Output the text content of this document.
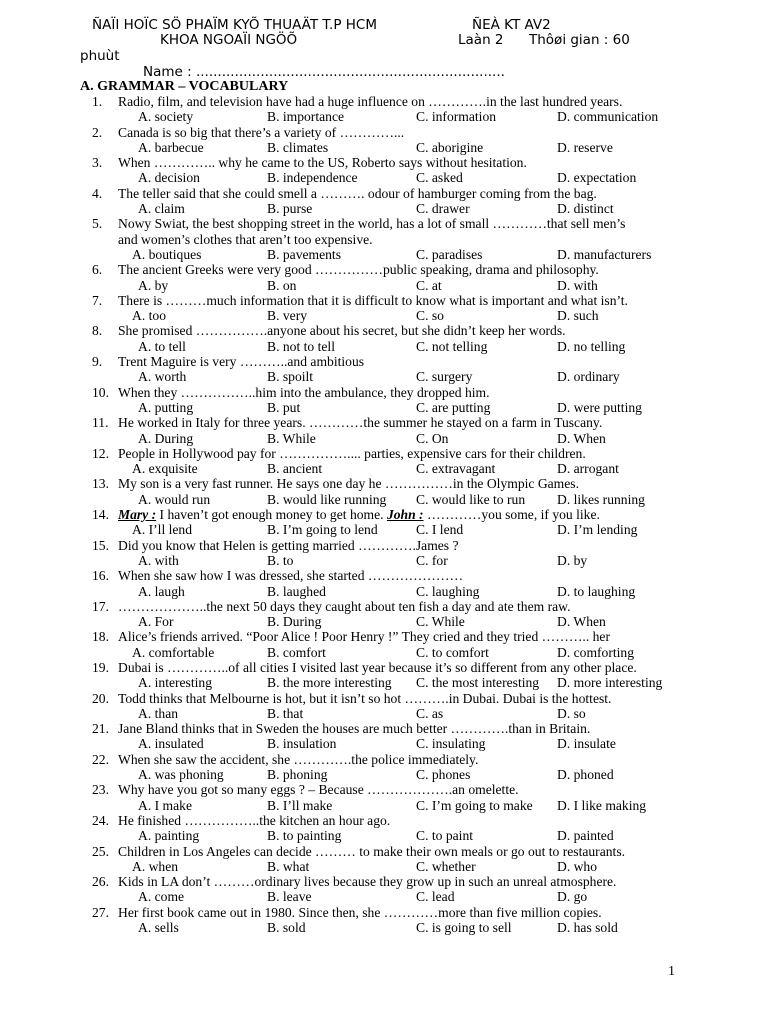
ÑAÏI HOÏC SÖ PHAÏM KYÕ THUAÄT T.P HCM	ÑEÀ KT AV2
KHOA NGOAÏI NGÖÕ	Laàn 2 Thôøi gian : 60
phuùt
Name : ........................................................................
A. GRAMMAR – VOCABULARY
1. Radio, film, and television have had a huge influence on ………….in the last hundred years.
A. society	B. importance	C. information	D. communication
2. Canada is so big that there’s a variety of …………...
A. barbecue	B. climates	C. aborigine	D. reserve
3. When ………….. why he came to the US, Roberto says without hesitation.
A. decision	B. independence	C. asked	D. expectation
4. The teller said that she could smell a ………. odour of hamburger coming from the bag.
A. claim	B. purse	C. drawer	D. distinct
5. Nowy Swiat, the best shopping street in the world, has a lot of small …………that sell men’s
and women’s clothes that aren’t too expensive.
A. boutiques	B. pavements	C. paradises	D. manufacturers
6. The ancient Greeks were very good ……………public speaking, drama and philosophy.
A. by	B. on	C. at	D. with
7. There is ………much information that it is difficult to know what is important and what isn’t.
A. too	B. very	C. so	D. such
8. She promised …………….anyone about his secret, but she didn’t keep her words.
A. to tell	B. not to tell	C. not telling	D. no telling
9. Trent Maguire is very ………..and ambitious
A. worth	B. spoilt	C. surgery	D. ordinary
10. When they ……………..him into the ambulance, they dropped him.
A. putting	B. put	C. are putting	D. were putting
11. He worked in Italy for three years. …………the summer he stayed on a farm in Tuscany.
A. During	B. While	C. On	D. When
12. People in Hollywood pay for …………….... parties, expensive cars for their children.
A. exquisite	B. ancient	C. extravagant	D. arrogant
13. My son is a very fast runner. He says one day he ……………in the Olympic Games.
A. would run	B. would like running C. would like to run D. likes running
14. Mary : I haven’t got enough money to get home. John : …………you some, if you like.
A. I’ll lend	B. I’m going to lend	C. I lend	D. I’m lending
15. Did you know that Helen is getting married ………….James ?
A. with	B. to	C. for	D. by
16. When she saw how I was dressed, she started …………………
A. laugh	B. laughed	C. laughing	D. to laughing
17. ………………..the next 50 days they caught about ten fish a day and ate them raw.
A. For	B. During	C. While	D. When
18. Alice’s friends arrived. “Poor Alice ! Poor Henry !” They cried and they tried ……….. her
A. comfortable	B. comfort	C. to comfort	D. comforting
19. Dubai is …………..of all cities I visited last year because it’s so different from any other place.
A. interesting	B. the more interesting C. the most interesting D. more interesting
20. Todd thinks that Melbourne is hot, but it isn’t so hot ……….in Dubai. Dubai is the hottest.
A. than	B. that	C. as	D. so
21. Jane Bland thinks that in Sweden the houses are much better ………….than in Britain.
A. insulated	B. insulation	C. insulating	D. insulate
22. When she saw the accident, she ………….the police immediately.
A. was phoning	B. phoning	C. phones	D. phoned
23. Why have you got so many eggs ? – Because ……………….an omelette.
A. I make	B. I’ll make	C. I’m going to make D. I like making
24. He finished ……………..the kitchen an hour ago.
A. painting	B. to painting	C. to paint	D. painted
25. Children in Los Angeles can decide ……… to make their own meals or go out to restaurants.
A. when	B. what	C. whether	D. who
26. Kids in LA don’t ………ordinary lives because they grow up in such an unreal atmosphere.
A. come	B. leave	C. lead	D. go
27. Her first book came out in 1980. Since then, she …………more than five million copies.
A. sells	B. sold	C. is going to sell	D. has sold
1
